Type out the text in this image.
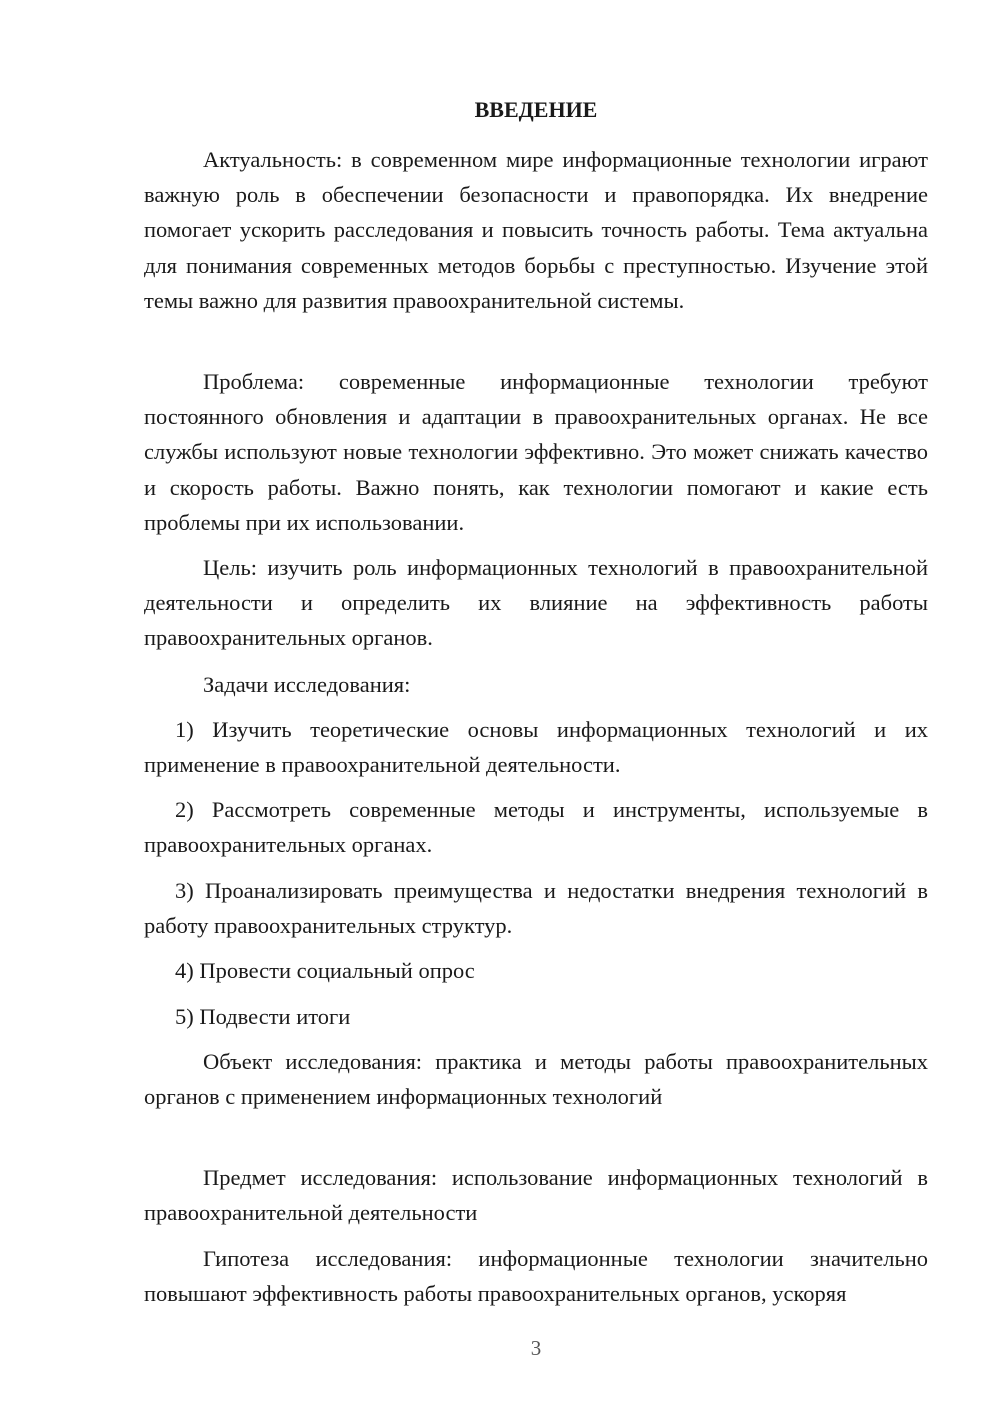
ВВЕДЕНИЕ

Актуальность: в современном мире информационные технологии играют важную роль в обеспечении безопасности и правопорядка. Их внедрение помогает ускорить расследования и повысить точность работы. Тема актуальна для понимания современных методов борьбы с преступностью. Изучение этой темы важно для развития правоохранительной системы.

Проблема: современные информационные технологии требуют постоянного обновления и адаптации в правоохранительных органах. Не все службы используют новые технологии эффективно. Это может снижать качество и скорость работы. Важно понять, как технологии помогают и какие есть проблемы при их использовании.

Цель: изучить роль информационных технологий в правоохранительной деятельности и определить их влияние на эффективность работы правоохранительных органов.

Задачи исследования:

1) Изучить теоретические основы информационных технологий и их применение в правоохранительной деятельности.

2) Рассмотреть современные методы и инструменты, используемые в правоохранительных органах.

3) Проанализировать преимущества и недостатки внедрения технологий в работу правоохранительных структур.

4) Провести социальный опрос

5) Подвести итоги

Объект исследования: практика и методы работы правоохранительных органов с применением информационных технологий

Предмет исследования: использование информационных технологий в правоохранительной деятельности

Гипотеза исследования: информационные технологии значительно повышают эффективность работы правоохранительных органов, ускоряя

3
